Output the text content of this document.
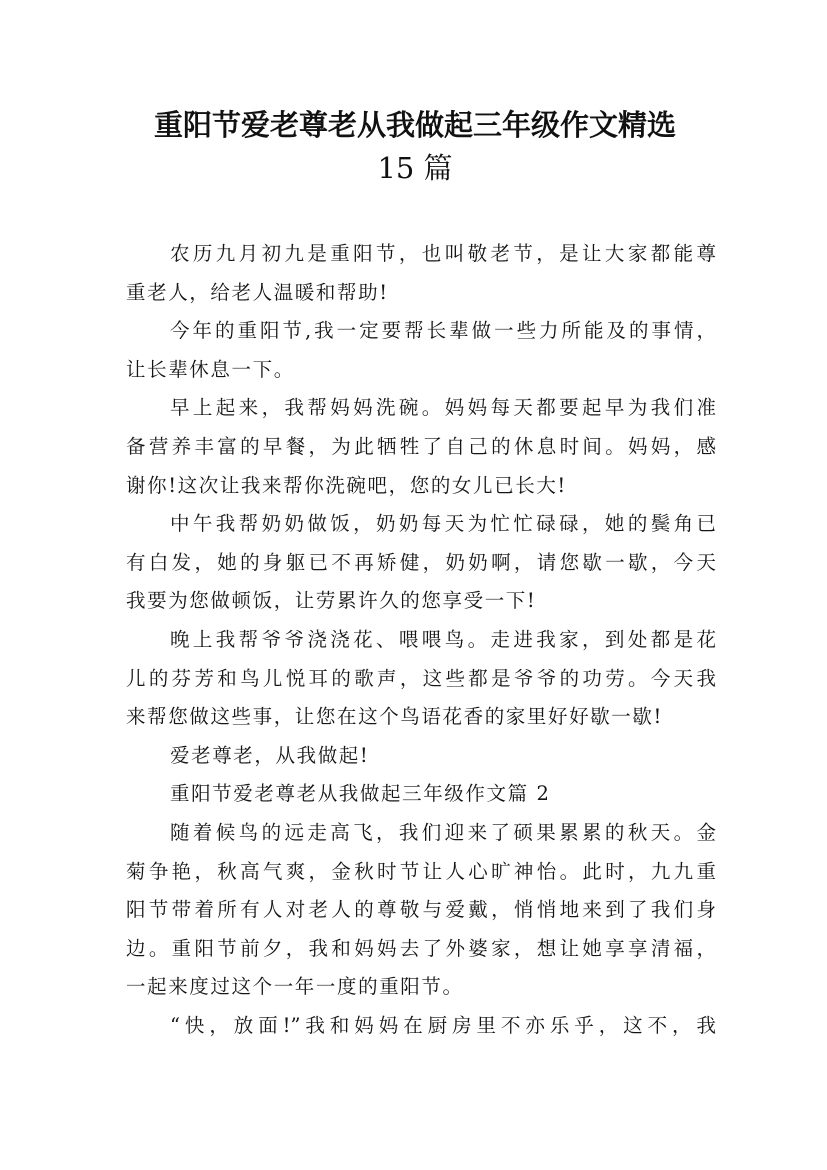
重阳节爱老尊老从我做起三年级作文精选
15 篇
农历九月初九是重阳节，也叫敬老节，是让大家都能尊
重老人，给老人温暖和帮助!
今年的重阳节,我一定要帮长辈做一些力所能及的事情，
让长辈休息一下。
早上起来，我帮妈妈洗碗。妈妈每天都要起早为我们准
备营养丰富的早餐，为此牺牲了自己的休息时间。妈妈，感
谢你!这次让我来帮你洗碗吧，您的女儿已长大!
中午我帮奶奶做饭，奶奶每天为忙忙碌碌，她的鬓角已
有白发，她的身躯已不再矫健，奶奶啊，请您歇一歇，今天
我要为您做顿饭，让劳累许久的您享受一下!
晚上我帮爷爷浇浇花、喂喂鸟。走进我家，到处都是花
儿的芬芳和鸟儿悦耳的歌声，这些都是爷爷的功劳。今天我
来帮您做这些事，让您在这个鸟语花香的家里好好歇一歇!
爱老尊老，从我做起!
重阳节爱老尊老从我做起三年级作文篇 2
随着候鸟的远走高飞，我们迎来了硕果累累的秋天。金
菊争艳，秋高气爽，金秋时节让人心旷神怡。此时，九九重
阳节带着所有人对老人的尊敬与爱戴，悄悄地来到了我们身
边。重阳节前夕，我和妈妈去了外婆家，想让她享享清福，
一起来度过这个一年一度的重阳节。
“快，放面!”我和妈妈在厨房里不亦乐乎，这不，我
